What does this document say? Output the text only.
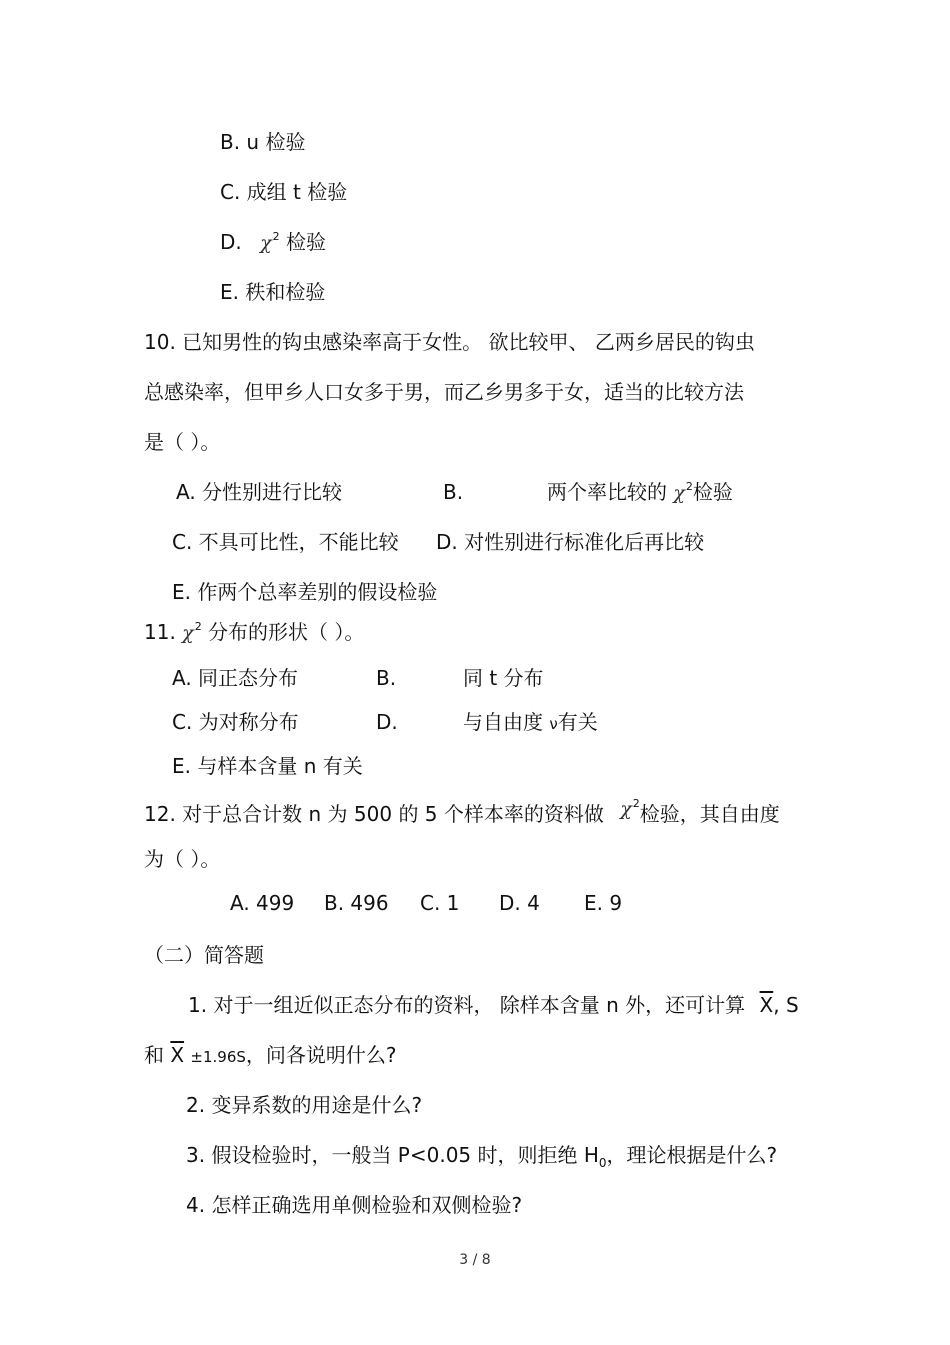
B. u 检验
C. 成组 t 检验
D. $\chi^2$ 检验
E. 秩和检验
10. 已知男性的钩虫感染率高于女性。 欲比较甲、 乙两乡居民的钩虫
总感染率，但甲乡人口女多于男，而乙乡男多于女，适当的比较方法
是（ ）。
A. 分性别进行比较	B.	两个率比较的 $\chi^2$检验
C. 不具可比性，不能比较 D. 对性别进行标准化后再比较
E. 作两个总率差别的假设检验
11. $\chi^2$ 分布的形状（ ）。
A. 同正态分布	B.	同 t 分布
C. 为对称分布	D.	与自由度 ν有关
E. 与样本含量 n 有关
12. 对于总合计数 n 为 500 的 5 个样本率的资料做 $\chi^2$检验，其自由度
为（ ）。
A. 499 B. 496 C. 1 D. 4 E. 9
（二）简答题
1. 对于一组近似正态分布的资料， 除样本含量 n 外，还可计算 $\overline{X}$, S
和 $\overline{X} \pm 1.96S$，问各说明什么?
2. 变异系数的用途是什么?
3. 假设检验时，一般当 P<0.05 时，则拒绝 $H_0$，理论根据是什么?
4. 怎样正确选用单侧检验和双侧检验?
3 / 8
